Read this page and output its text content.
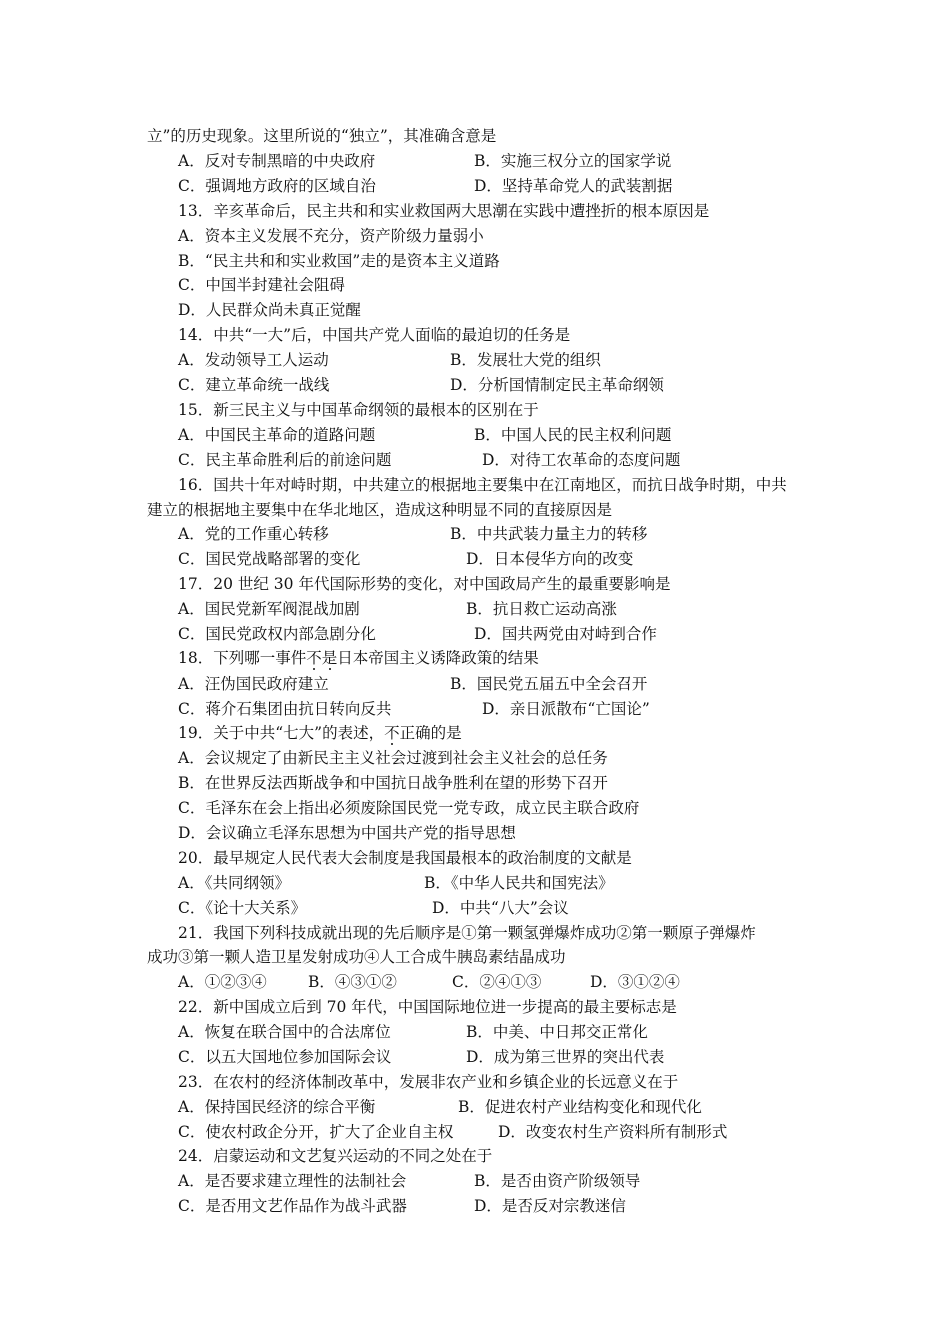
立”的历史现象。这里所说的“独立”，其准确含意是
A．反对专制黑暗的中央政府	B．实施三权分立的国家学说
C．强调地方政府的区域自治	D．坚持革命党人的武装割据
13．辛亥革命后，民主共和和实业救国两大思潮在实践中遭挫折的根本原因是
A．资本主义发展不充分，资产阶级力量弱小
B．“民主共和和实业救国”走的是资本主义道路
C．中国半封建社会阻碍
D．人民群众尚未真正觉醒
14．中共“一大”后，中国共产党人面临的最迫切的任务是
A．发动领导工人运动	B．发展壮大党的组织
C．建立革命统一战线	D．分析国情制定民主革命纲领
15．新三民主义与中国革命纲领的最根本的区别在于
A．中国民主革命的道路问题	B．中国人民的民主权利问题
C．民主革命胜利后的前途问题	D．对待工农革命的态度问题
16．国共十年对峙时期，中共建立的根据地主要集中在江南地区，而抗日战争时期，中共
建立的根据地主要集中在华北地区，造成这种明显不同的直接原因是
A．党的工作重心转移	B．中共武装力量主力的转移
C．国民党战略部署的变化	D．日本侵华方向的改变
17．20 世纪 30 年代国际形势的变化，对中国政局产生的最重要影响是
A．国民党新军阀混战加剧	B．抗日救亡运动高涨
C．国民党政权内部急剧分化	D．国共两党由对峙到合作
18．下列哪一事件不是日本帝国主义诱降政策的结果
A．汪伪国民政府建立	B．国民党五届五中全会召开
C．蒋介石集团由抗日转向反共	D．亲日派散布“亡国论”
19．关于中共“七大”的表述，不正确的是
A．会议规定了由新民主主义社会过渡到社会主义社会的总任务
B．在世界反法西斯战争和中国抗日战争胜利在望的形势下召开
C．毛泽东在会上指出必须废除国民党一党专政，成立民主联合政府
D．会议确立毛泽东思想为中国共产党的指导思想
20．最早规定人民代表大会制度是我国最根本的政治制度的文献是
A．《共同纲领》	B．《中华人民共和国宪法》
C．《论十大关系》	D．中共“八大”会议
21．我国下列科技成就出现的先后顺序是①第一颗氢弹爆炸成功②第一颗原子弹爆炸
成功③第一颗人造卫星发射成功④人工合成牛胰岛素结晶成功
A．①②③④	B．④③①②	C．②④①③	D．③①②④
22．新中国成立后到 70 年代，中国国际地位进一步提高的最主要标志是
A．恢复在联合国中的合法席位	B．中美、中日邦交正常化
C．以五大国地位参加国际会议	D．成为第三世界的突出代表
23．在农村的经济体制改革中，发展非农产业和乡镇企业的长远意义在于
A．保持国民经济的综合平衡	B．促进农村产业结构变化和现代化
C．使农村政企分开，扩大了企业自主权	D．改变农村生产资料所有制形式
24．启蒙运动和文艺复兴运动的不同之处在于
A．是否要求建立理性的法制社会	B．是否由资产阶级领导
C．是否用文艺作品作为战斗武器	D．是否反对宗教迷信
